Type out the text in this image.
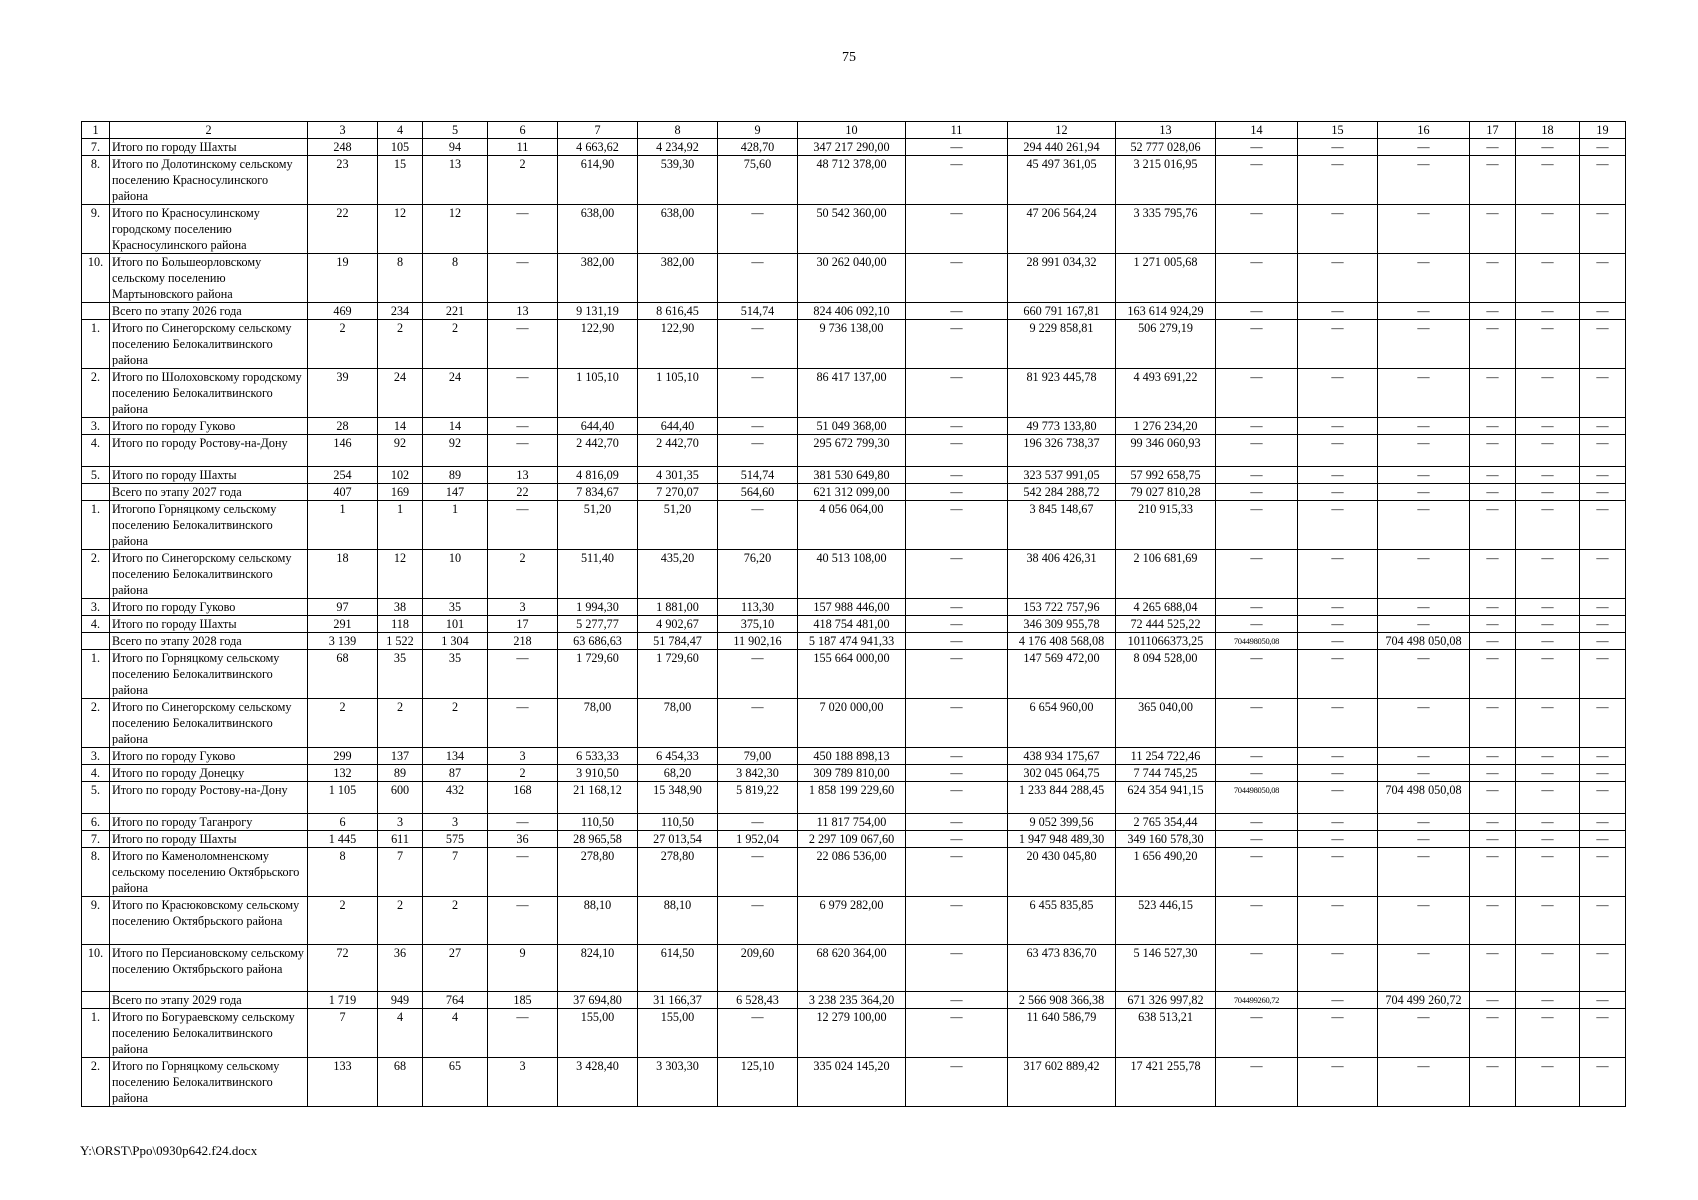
75
1	2	3	4	5	6	7	8	9	10	11	12	13	14	15	16	17	18	19
7.	Итого по городу Шахты	248	105	94	11	4 663,62	4 234,92	428,70	347 217 290,00	—	294 440 261,94	52 777 028,06	—	—	—	—	—	—
8.	Итого по Долотинскому сельскому поселению Красносулинского района	23	15	13	2	614,90	539,30	75,60	48 712 378,00	—	45 497 361,05	3 215 016,95	—	—	—	—	—	—
9.	Итого по Красносулинскому городскому поселению Красносулинского района	22	12	12	—	638,00	638,00	—	50 542 360,00	—	47 206 564,24	3 335 795,76	—	—	—	—	—	—
10.	Итого по Большеорловскому сельскому поселению Мартыновского района	19	8	8	—	382,00	382,00	—	30 262 040,00	—	28 991 034,32	1 271 005,68	—	—	—	—	—	—
	Всего по этапу 2026 года	469	234	221	13	9 131,19	8 616,45	514,74	824 406 092,10	—	660 791 167,81	163 614 924,29	—	—	—	—	—	—
1.	Итого по Синегорскому сельскому поселению Белокалитвинского района	2	2	2	—	122,90	122,90	—	9 736 138,00	—	9 229 858,81	506 279,19	—	—	—	—	—	—
2.	Итого по Шолоховскому городскому поселению Белокалитвинского района	39	24	24	—	1 105,10	1 105,10	—	86 417 137,00	—	81 923 445,78	4 493 691,22	—	—	—	—	—	—
3.	Итого по городу Гуково	28	14	14	—	644,40	644,40	—	51 049 368,00	—	49 773 133,80	1 276 234,20	—	—	—	—	—	—
4.	Итого по городу Ростову-на-Дону	146	92	92	—	2 442,70	2 442,70	—	295 672 799,30	—	196 326 738,37	99 346 060,93	—	—	—	—	—	—
5.	Итого по городу Шахты	254	102	89	13	4 816,09	4 301,35	514,74	381 530 649,80	—	323 537 991,05	57 992 658,75	—	—	—	—	—	—
	Всего по этапу 2027 года	407	169	147	22	7 834,67	7 270,07	564,60	621 312 099,00	—	542 284 288,72	79 027 810,28	—	—	—	—	—	—
1.	Итогопо Горняцкому сельскому поселению Белокалитвинского района	1	1	1	—	51,20	51,20	—	4 056 064,00	—	3 845 148,67	210 915,33	—	—	—	—	—	—
2.	Итого по Синегорскому сельскому поселению Белокалитвинского района	18	12	10	2	511,40	435,20	76,20	40 513 108,00	—	38 406 426,31	2 106 681,69	—	—	—	—	—	—
3.	Итого по городу Гуково	97	38	35	3	1 994,30	1 881,00	113,30	157 988 446,00	—	153 722 757,96	4 265 688,04	—	—	—	—	—	—
4.	Итого по городу Шахты	291	118	101	17	5 277,77	4 902,67	375,10	418 754 481,00	—	346 309 955,78	72 444 525,22	—	—	—	—	—	—
	Всего по этапу 2028 года	3 139	1 522	1 304	218	63 686,63	51 784,47	11 902,16	5 187 474 941,33	—	4 176 408 568,08	1011066373,25	704498050,08	—	704 498 050,08	—	—	—
1.	Итого по Горняцкому сельскому поселению Белокалитвинского района	68	35	35	—	1 729,60	1 729,60	—	155 664 000,00	—	147 569 472,00	8 094 528,00	—	—	—	—	—	—
2.	Итого по Синегорскому сельскому поселению Белокалитвинского района	2	2	2	—	78,00	78,00	—	7 020 000,00	—	6 654 960,00	365 040,00	—	—	—	—	—	—
3.	Итого по городу Гуково	299	137	134	3	6 533,33	6 454,33	79,00	450 188 898,13	—	438 934 175,67	11 254 722,46	—	—	—	—	—	—
4.	Итого по городу Донецку	132	89	87	2	3 910,50	68,20	3 842,30	309 789 810,00	—	302 045 064,75	7 744 745,25	—	—	—	—	—	—
5.	Итого по городу Ростову-на-Дону	1 105	600	432	168	21 168,12	15 348,90	5 819,22	1 858 199 229,60	—	1 233 844 288,45	624 354 941,15	704498050,08	—	704 498 050,08	—	—	—
6.	Итого по городу Таганрогу	6	3	3	—	110,50	110,50	—	11 817 754,00	—	9 052 399,56	2 765 354,44	—	—	—	—	—	—
7.	Итого по городу Шахты	1 445	611	575	36	28 965,58	27 013,54	1 952,04	2 297 109 067,60	—	1 947 948 489,30	349 160 578,30	—	—	—	—	—	—
8.	Итого по Каменоломненскому сельскому поселению Октябрьского района	8	7	7	—	278,80	278,80	—	22 086 536,00	—	20 430 045,80	1 656 490,20	—	—	—	—	—	—
9.	Итого по Красюковскому сельскому поселению Октябрьского района	2	2	2	—	88,10	88,10	—	6 979 282,00	—	6 455 835,85	523 446,15	—	—	—	—	—	—
10.	Итого по Персиановскому сельскому поселению Октябрьского района	72	36	27	9	824,10	614,50	209,60	68 620 364,00	—	63 473 836,70	5 146 527,30	—	—	—	—	—	—
	Всего по этапу 2029 года	1 719	949	764	185	37 694,80	31 166,37	6 528,43	3 238 235 364,20	—	2 566 908 366,38	671 326 997,82	704499260,72	—	704 499 260,72	—	—	—
1.	Итого по Богураевскому сельскому поселению Белокалитвинского района	7	4	4	—	155,00	155,00	—	12 279 100,00	—	11 640 586,79	638 513,21	—	—	—	—	—	—
2.	Итого по Горняцкому сельскому поселению Белокалитвинского района	133	68	65	3	3 428,40	3 303,30	125,10	335 024 145,20	—	317 602 889,42	17 421 255,78	—	—	—	—	—	—
Y:\ORST\Ppo\0930p642.f24.docx
